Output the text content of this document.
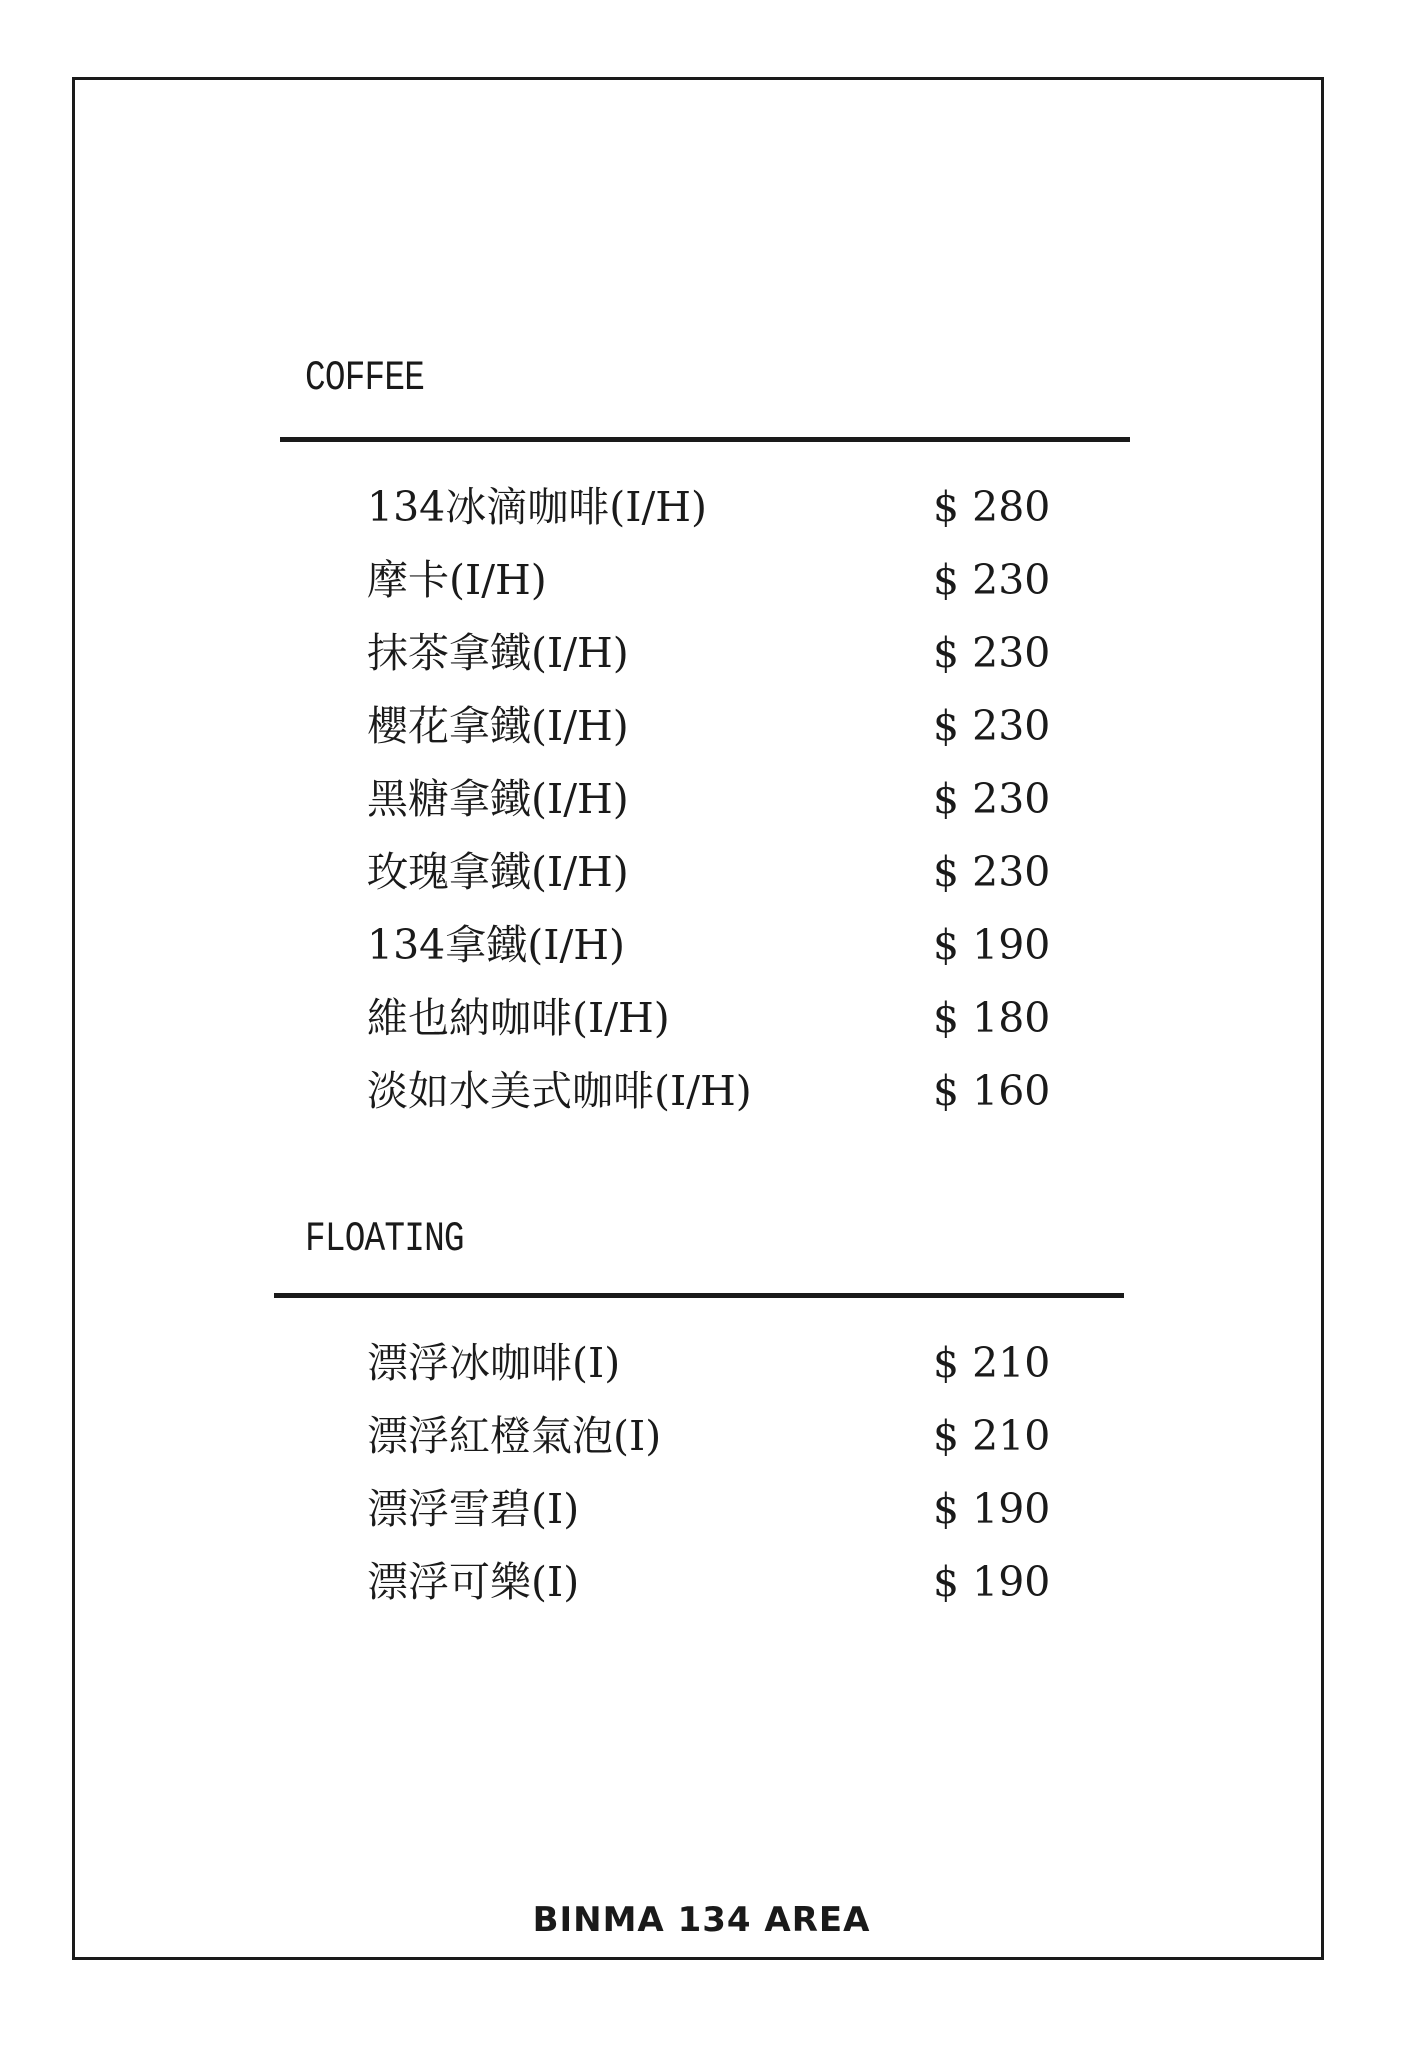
COFFEE
134冰滴咖啡(I/H)	$ 280
摩卡(I/H)	$ 230
抹茶拿鐵(I/H)	$ 230
櫻花拿鐵(I/H)	$ 230
黑糖拿鐵(I/H)	$ 230
玫瑰拿鐵(I/H)	$ 230
134拿鐵(I/H)	$ 190
維也納咖啡(I/H)	$ 180
淡如水美式咖啡(I/H)	$ 160
FLOATING
漂浮冰咖啡(I)	$ 210
漂浮紅橙氣泡(I)	$ 210
漂浮雪碧(I)	$ 190
漂浮可樂(I)	$ 190
BINMA 134 AREA
